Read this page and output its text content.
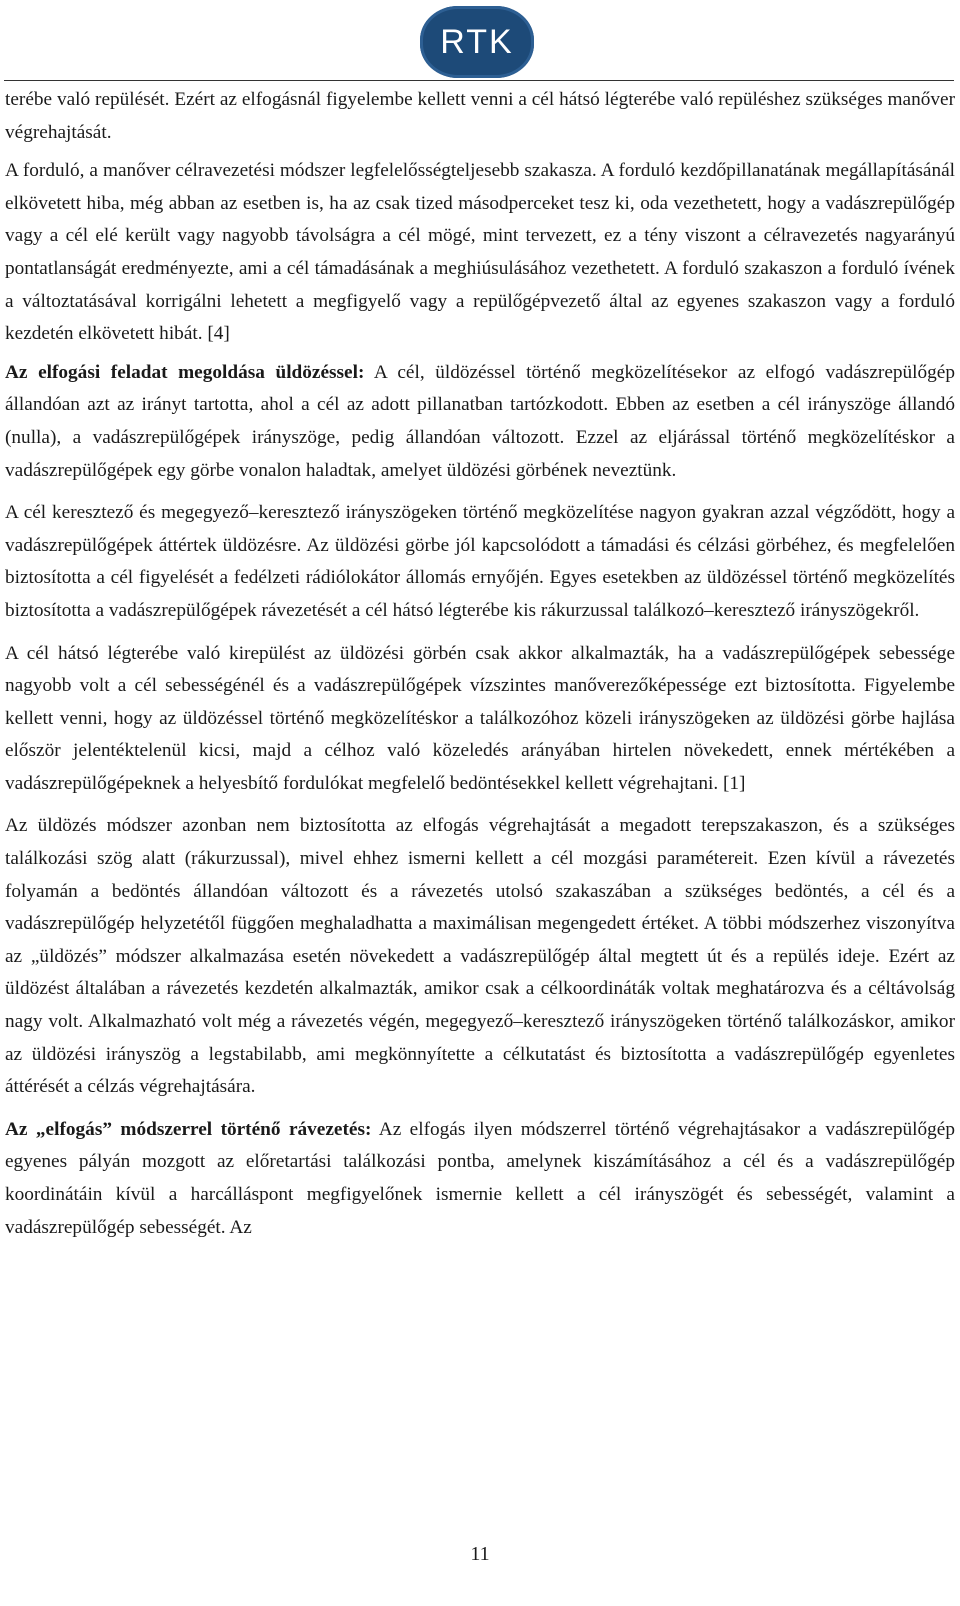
RTK

terébe való repülését. Ezért az elfogásnál figyelembe kellett venni a cél hátsó légterébe való repüléshez szükséges manőver végrehajtását.

A forduló, a manőver célravezetési módszer legfelelősségteljesebb szakasza. A forduló kezdőpillanatának megállapításánál elkövetett hiba, még abban az esetben is, ha az csak tized másodperceket tesz ki, oda vezethetett, hogy a vadászrepülőgép vagy a cél elé került vagy nagyobb távolságra a cél mögé, mint tervezett, ez a tény viszont a célravezetés nagyarányú pontatlanságát eredményezte, ami a cél támadásának a meghiúsulásához vezethetett. A forduló szakaszon a forduló ívének a változtatásával korrigálni lehetett a megfigyelő vagy a repülőgépvezető által az egyenes szakaszon vagy a forduló kezdetén elkövetett hibát. [4]

Az elfogási feladat megoldása üldözéssel: A cél, üldözéssel történő megközelítésekor az elfogó vadászrepülőgép állandóan azt az irányt tartotta, ahol a cél az adott pillanatban tartózkodott. Ebben az esetben a cél irányszöge állandó (nulla), a vadászrepülőgépek irányszöge, pedig állandóan változott. Ezzel az eljárással történő megközelítéskor a vadászrepülőgépek egy görbe vonalon haladtak, amelyet üldözési görbének neveztünk.

A cél keresztező és megegyező–keresztező irányszögeken történő megközelítése nagyon gyakran azzal végződött, hogy a vadászrepülőgépek áttértek üldözésre. Az üldözési görbe jól kapcsolódott a támadási és célzási görbéhez, és megfelelően biztosította a cél figyelését a fedélzeti rádiólokátor állomás ernyőjén. Egyes esetekben az üldözéssel történő megközelítés biztosította a vadászrepülőgépek rávezetését a cél hátsó légterébe kis rákurzussal találkozó–keresztező irányszögekről.

A cél hátsó légterébe való kirepülést az üldözési görbén csak akkor alkalmazták, ha a vadászrepülőgépek sebessége nagyobb volt a cél sebességénél és a vadászrepülőgépek vízszintes manőverezőképessége ezt biztosította. Figyelembe kellett venni, hogy az üldözéssel történő megközelítéskor a találkozóhoz közeli irányszögeken az üldözési görbe hajlása először jelentéktelenül kicsi, majd a célhoz való közeledés arányában hirtelen növekedett, ennek mértékében a vadászrepülőgépeknek a helyesbítő fordulókat megfelelő bedöntésekkel kellett végrehajtani. [1]

Az üldözés módszer azonban nem biztosította az elfogás végrehajtását a megadott terepszakaszon, és a szükséges találkozási szög alatt (rákurzussal), mivel ehhez ismerni kellett a cél mozgási paramétereit. Ezen kívül a rávezetés folyamán a bedöntés állandóan változott és a rávezetés utolsó szakaszában a szükséges bedöntés, a cél és a vadászrepülőgép helyzetétől függően meghaladhatta a maximálisan megengedett értéket. A többi módszerhez viszonyítva az „üldözés” módszer alkalmazása esetén növekedett a vadászrepülőgép által megtett út és a repülés ideje. Ezért az üldözést általában a rávezetés kezdetén alkalmazták, amikor csak a célkoordináták voltak meghatározva és a céltávolság nagy volt. Alkalmazható volt még a rávezetés végén, megegyező–keresztező irányszögeken történő találkozáskor, amikor az üldözési irányszög a legstabilabb, ami megkönnyítette a célkutatást és biztosította a vadászrepülőgép egyenletes áttérését a célzás végrehajtására.

Az „elfogás” módszerrel történő rávezetés: Az elfogás ilyen módszerrel történő végrehajtásakor a vadászrepülőgép egyenes pályán mozgott az előretartási találkozási pontba, amelynek kiszámításához a cél és a vadászrepülőgép koordinátáin kívül a harcálláspont megfigyelőnek ismernie kellett a cél irányszögét és sebességét, valamint a vadászrepülőgép sebességét. Az

11
